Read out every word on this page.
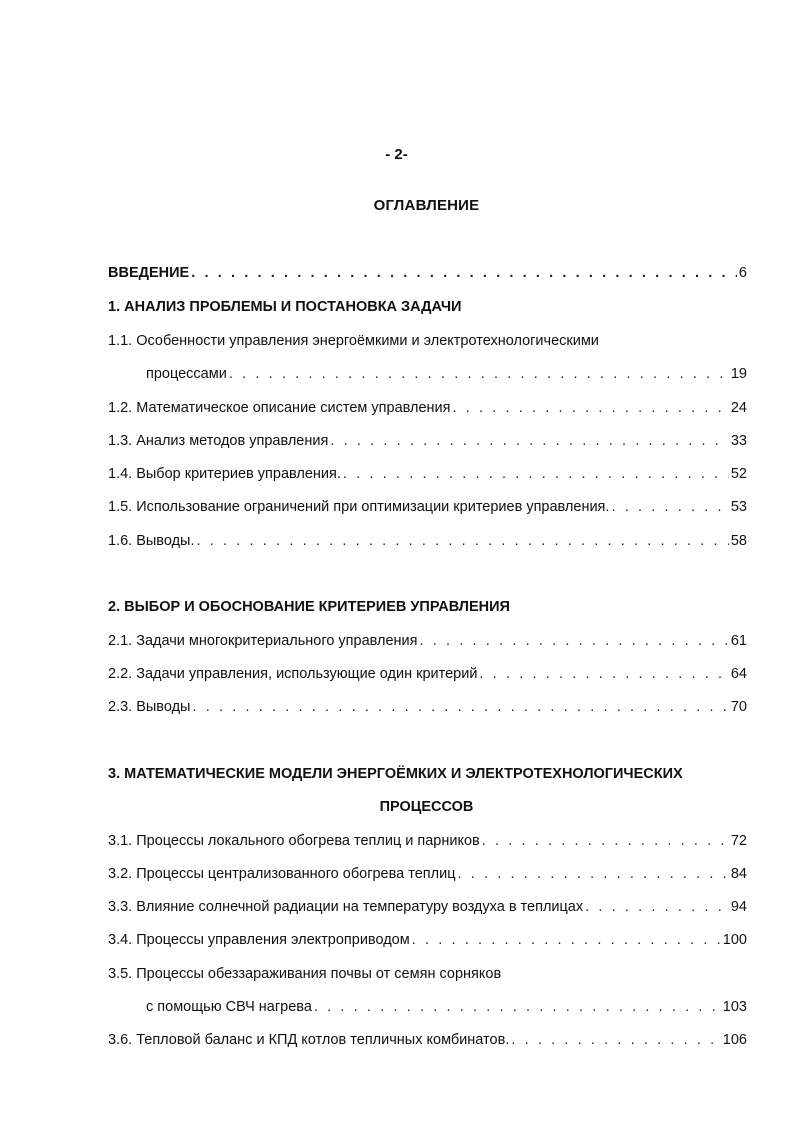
- 2-
ОГЛАВЛЕНИЕ
ВВЕДЕНИЕ . . .	6
1. АНАЛИЗ ПРОБЛЕМЫ И ПОСТАНОВКА ЗАДАЧИ
1.1. Особенности управления энергоёмкими и электротехнологическими
процессами . . .	19
1.2. Математическое описание систем управления . . .	24
1.3. Анализ методов управления . . .	33
1.4. Выбор критериев управления. . . .	52
1.5. Использование ограничений при оптимизации критериев управления. . . .	53
1.6. Выводы. . . .	58
2. ВЫБОР И ОБОСНОВАНИЕ КРИТЕРИЕВ УПРАВЛЕНИЯ
2.1. Задачи многокритериального управления . . .	61
2.2. Задачи управления, использующие один критерий . . .	64
2.3. Выводы . . .	70
3. МАТЕМАТИЧЕСКИЕ МОДЕЛИ ЭНЕРГОЁМКИХ И ЭЛЕКТРОТЕХНОЛОГИЧЕСКИХ
ПРОЦЕССОВ
3.1. Процессы локального обогрева теплиц и парников . . .	72
3.2. Процессы централизованного обогрева теплиц . . .	84
3.3. Влияние солнечной радиации на температуру воздуха в теплицах . . .	94
3.4. Процессы управления электроприводом . . .	100
3.5. Процессы обеззараживания почвы от семян сорняков
с помощью СВЧ нагрева . . .	103
3.6. Тепловой баланс и КПД котлов тепличных комбинатов. . . .	106
